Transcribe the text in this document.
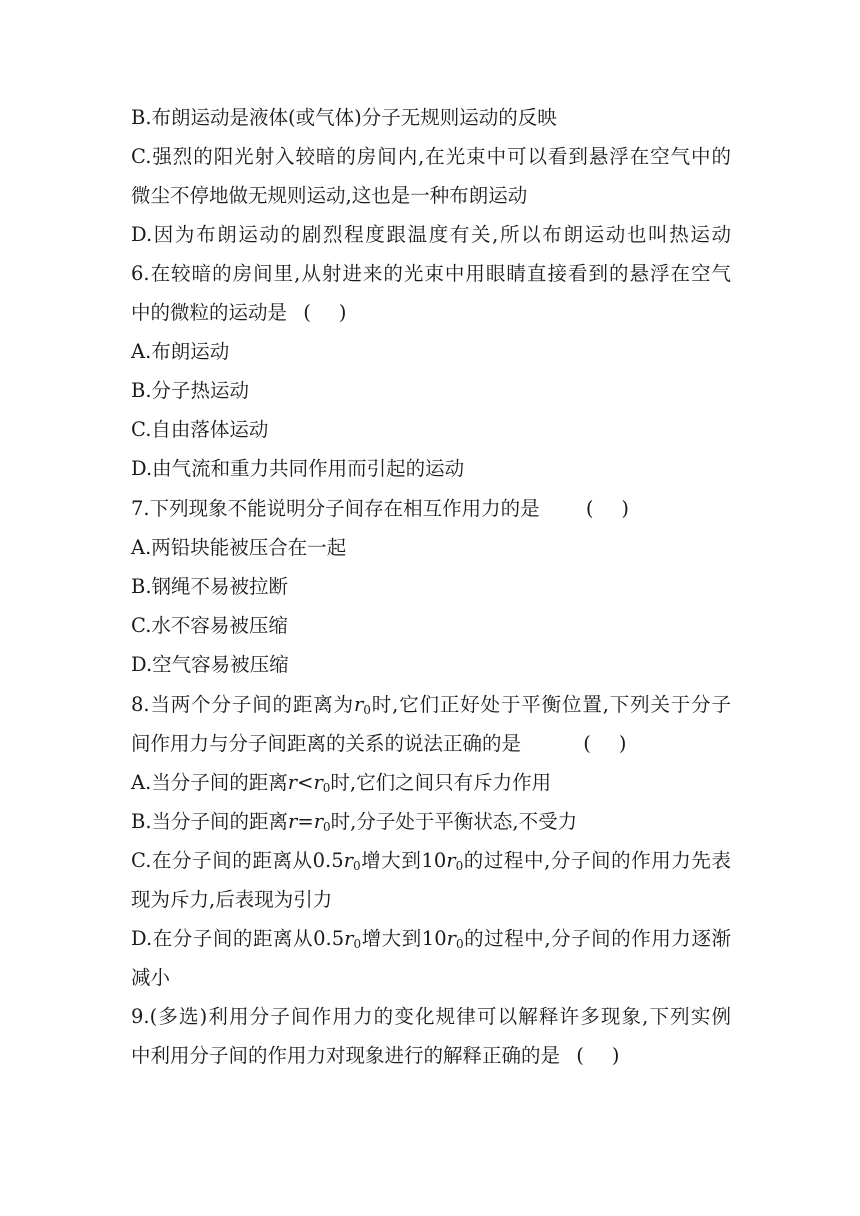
B.布朗运动是液体(或气体)分子无规则运动的反映
C.强烈的阳光射入较暗的房间内,在光束中可以看到悬浮在空气中的
微尘不停地做无规则运动,这也是一种布朗运动
D.因为布朗运动的剧烈程度跟温度有关,所以布朗运动也叫热运动
6.在较暗的房间里,从射进来的光束中用眼睛直接看到的悬浮在空气
中的微粒的运动是 ( )
A.布朗运动
B.分子热运动
C.自由落体运动
D.由气流和重力共同作用而引起的运动
7.下列现象不能说明分子间存在相互作用力的是 ( )
A.两铅块能被压合在一起
B.钢绳不易被拉断
C.水不容易被压缩
D.空气容易被压缩
8.当两个分子间的距离为$r_0$时,它们正好处于平衡位置,下列关于分子
间作用力与分子间距离的关系的说法正确的是	( )
A.当分子间的距离$r<r_0$时,它们之间只有斥力作用
B.当分子间的距离$r=r_0$时,分子处于平衡状态,不受力
C.在分子间的距离从$0.5r_0$增大到$10r_0$的过程中,分子间的作用力先表
现为斥力,后表现为引力
D.在分子间的距离从$0.5r_0$增大到$10r_0$的过程中,分子间的作用力逐渐
减小
9.(多选)利用分子间作用力的变化规律可以解释许多现象,下列实例
中利用分子间的作用力对现象进行的解释正确的是 ( )
